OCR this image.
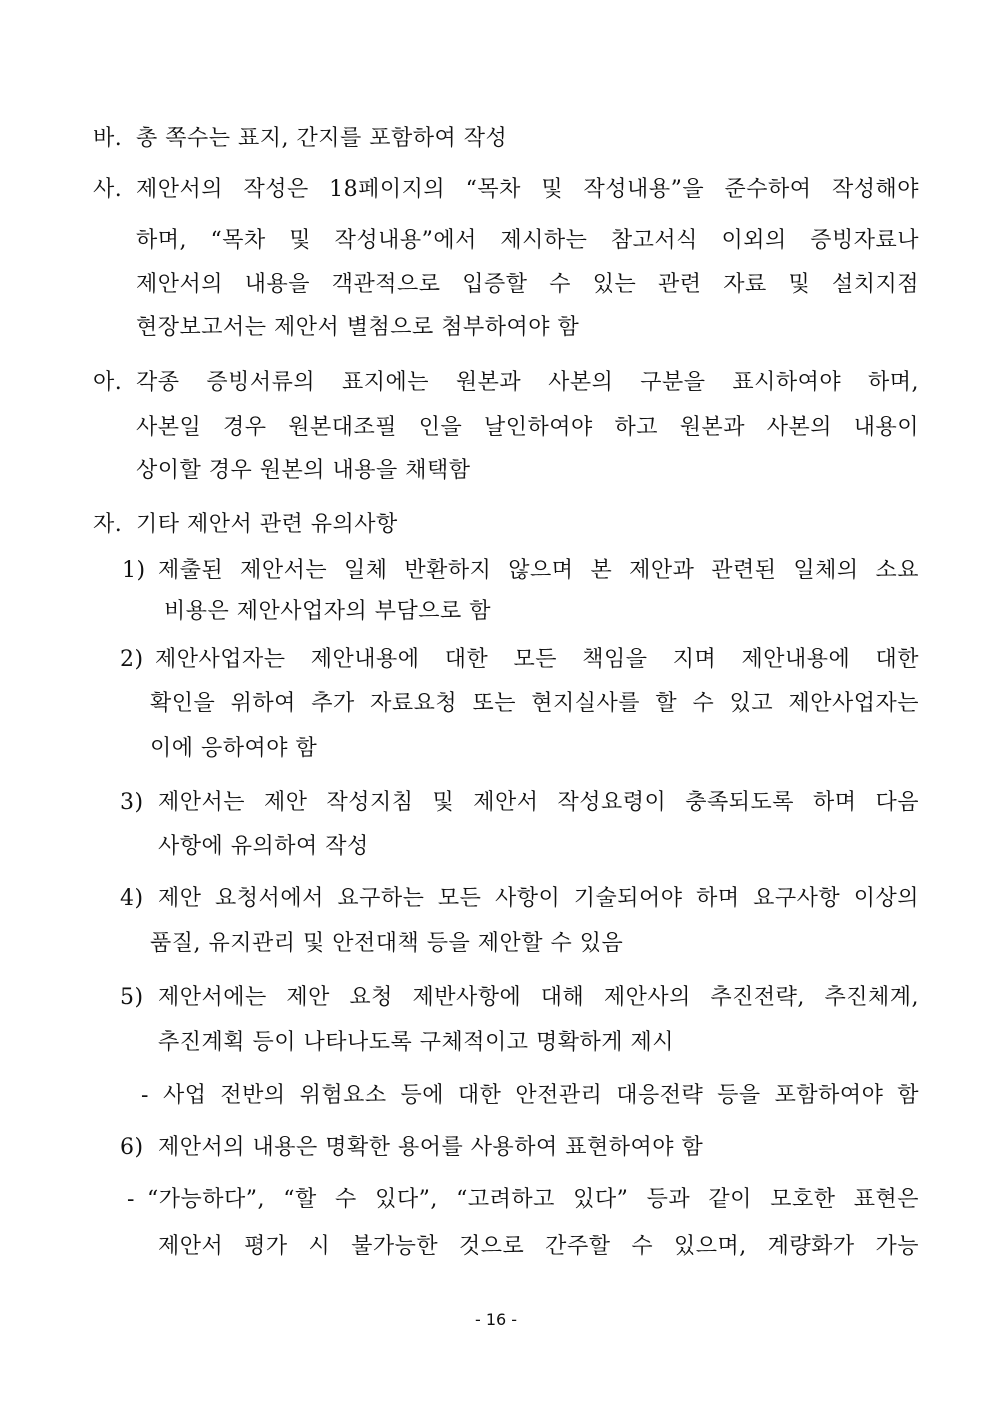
바. 총 쪽수는 표지, 간지를 포함하여 작성
사. 제안서의 작성은 18페이지의 “목차 및 작성내용”을 준수하여 작성해야
하며, “목차 및 작성내용”에서 제시하는 참고서식 이외의 증빙자료나
제안서의 내용을 객관적으로 입증할 수 있는 관련 자료 및 설치지점
현장보고서는 제안서 별첨으로 첨부하여야 함
아. 각종 증빙서류의 표지에는 원본과 사본의 구분을 표시하여야 하며,
사본일 경우 원본대조필 인을 날인하여야 하고 원본과 사본의 내용이
상이할 경우 원본의 내용을 채택함
자. 기타 제안서 관련 유의사항
1) 제출된 제안서는 일체 반환하지 않으며 본 제안과 관련된 일체의 소요
비용은 제안사업자의 부담으로 함
2) 제안사업자는 제안내용에 대한 모든 책임을 지며 제안내용에 대한
확인을 위하여 추가 자료요청 또는 현지실사를 할 수 있고 제안사업자는
이에 응하여야 함
3) 제안서는 제안 작성지침 및 제안서 작성요령이 충족되도록 하며 다음
사항에 유의하여 작성
4) 제안 요청서에서 요구하는 모든 사항이 기술되어야 하며 요구사항 이상의
품질, 유지관리 및 안전대책 등을 제안할 수 있음
5) 제안서에는 제안 요청 제반사항에 대해 제안사의 추진전략, 추진체계,
추진계획 등이 나타나도록 구체적이고 명확하게 제시
- 사업 전반의 위험요소 등에 대한 안전관리 대응전략 등을 포함하여야 함
6) 제안서의 내용은 명확한 용어를 사용하여 표현하여야 함
- “가능하다”, “할 수 있다”, “고려하고 있다” 등과 같이 모호한 표현은
제안서 평가 시 불가능한 것으로 간주할 수 있으며, 계량화가 가능
- 16 -
